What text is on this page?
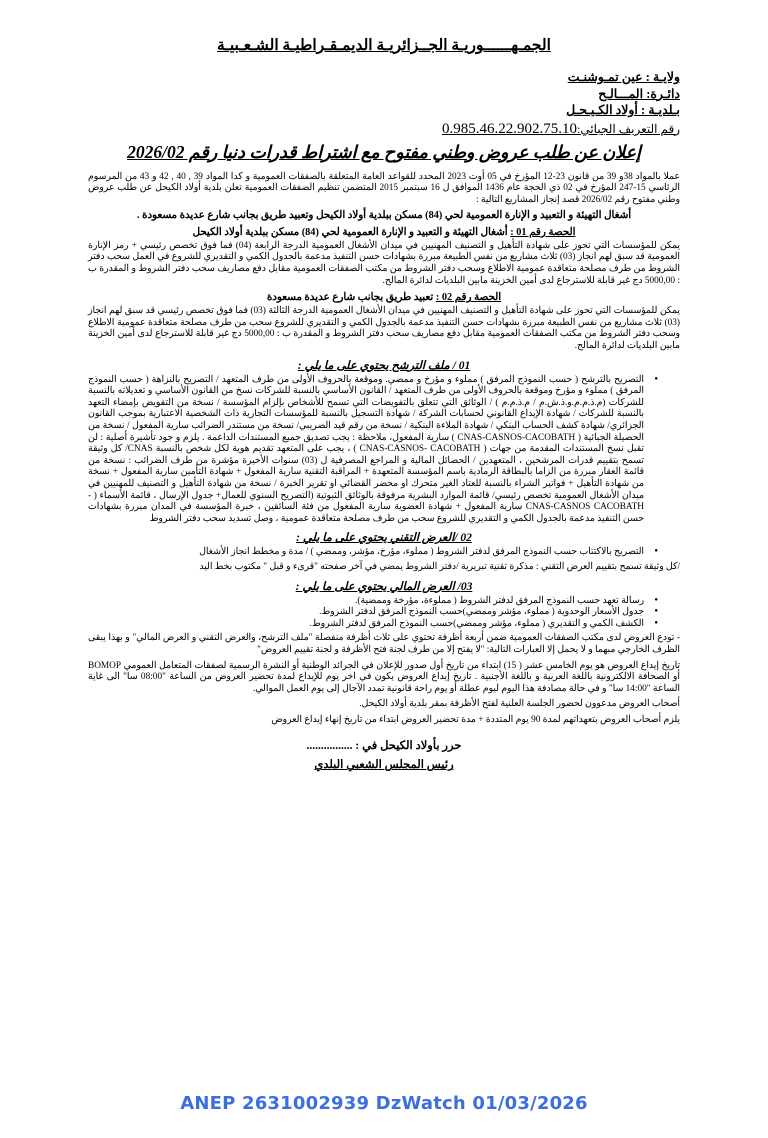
الجمـهــــــوريـة الجــزائريـة الديمـقـراطيـة الشـعـبيـة
ولايـة : عين تمـوشنـت
دائـرة: المـــالـح
بـلديـة : أولاد الكـيـحـل
رقم التعريف الجبائي:0.985.46.22.902.75.10
إعلان عن طلب عروض وطني مفتوح مع اشتراط قدرات دنيا رقم 2026/02

عملا بالمواد 38و 39 من قانون 23-12 المؤرخ في 05 أوت 2023 المحدد للقواعد العامة المتعلقة بالصفقات العمومية و كدا المواد 39 , 40 , 42 و 43 من المرسوم الرئاسي 15-247 المؤرخ في 02 ذي الحجة عام 1436 الموافق ل 16 سبتمبر 2015 المتضمن تنظيم الصفقات العمومية تعلن بلدية أولاد الكيحل عن طلب عروض وطني مفتوح رقم 2026/02 قصد إنجاز المشاريع التالية :

أشغال التهيئة و التعبيد و الإنارة العمومية لحي (84) مسكن ببلدية أولاد الكيحل وتعبيد طريق بجانب شارع عديدة مسعودة .

الحصة رقم 01 : أشغال التهيئة و التعبيد و الإنارة العمومية لحي (84) مسكن ببلدية أولاد الكيحل

يمكن للمؤسسات التي تحوز على شهادة التأهيل و التصنيف المهنيين في ميدان الأشغال العمومية الدرجة الرابعة (04) فما فوق تخصص رئيسي + رمز الإنارة العمومية قد سبق لهم انجاز (03) ثلاث مشاريع من نفس الطبيعة مبررة بشهادات حسن التنفيذ مدعمة بالجدول الكمي و التقديري للشروع في العمل سحب دفتر الشروط من طرف مصلحة متعاقدة عمومية الاطلاع وسحب دفتر الشروط من مكتب الصفقات العمومية مقابل دفع مصاريف سحب دفتر الشروط و المقدرة ب : 5000,00 دج غير قابلة للاسترجاع لدى أمين الخزينة مابين البلديات لدائرة المالح.

الحصة رقم 02 : تعبيد طريق بجانب شارع عديدة مسعودة

يمكن للمؤسسات التي تحوز على شهادة التأهيل و التصنيف المهنيين في ميدان الأشغال العمومية الدرجة الثالثة (03) فما فوق تخصص رئيسي قد سبق لهم انجاز (03) ثلاث مشاريع من نفس الطبيعة مبررة بشهادات حسن التنفيذ مدعمة بالجدول الكمي و التقديري للشروع سحب من طرف مصلحة متعاقدة عمومية الاطلاع وسحب دفتر الشروط من مكتب الصفقات العمومية مقابل دفع مصاريف سحب دفتر الشروط و المقدرة ب : 5000,00 دج غير قابلة للاسترجاع لدى أمين الخزينة مابين البلديات لدائرة المالح.

01 / ملف الترشح يحتوي على ما يلي :
● التصريح بالترشح ( حسب النموذج المرفق ) مملوء و مؤرخ و ممضي. وموقعة بالحروف الأولى من طرف المتعهد / التصريح بالنزاهة ( حسب النموذج المرفق ) مملوء و مؤرخ وموقعة بالحروف الأولى من طرف المتعهد / القانون الأساسي بالنسبة للشركات نسخ من القانون الأساسي و تعديلاته بالنسبة للشركات (م.ذ.م.م.و.ذ.ش.م / م.ذ.م.م ) / الوثائق التي تتعلق بالتفويضات التي تسمح للأشخاص بإلزام المؤسسة / نسخة من التفويض بإمضاء التعهد بالنسبة للشركات / شهادة الإيداع القانوني لحسابات الشركة / شهادة التسجيل بالنسبة للمؤسسات التجارية ذات الشخصية الاعتبارية بموجب القانون الجزائري/ شهادة كشف الحساب البنكي / شهادة الملاءة البنكية / نسخة من رقم قيد الضريبي/ نسخة من مستندر الضرائب سارية المفعول / نسخة من الحصيلة الجبائية ( CNAS-CASNOS-CACOBATH ) سارية المفعول، ملاحظة : يجب تصديق جميع المستندات الداعمة . يلزم و جود تأشيرة أصلية : لن تقبل نسخ المستندات المقدمة من جهات ( CNAS-CASNOS- CACOBATH ) ، يجب على المتعهد تقديم هوية لكل شخص بالنسبة CNAS/ كل وثيقة تسمح بتقييم قدرات المرشحين ، المتعهدين / الحصائل المالية و المراجع المصرفية ل (03) سنوات الأخيرة مؤشرة من طرف الضرائب : نسخة من قائمة العقار مبررة من الزاما بالبطاقة الرمادية باسم المؤسسة المتعهدة + المراقبة التقنية سارية المفعول + شهادة التأمين سارية المفعول + نسخة من شهادة التأهيل + فواتير الشراء بالنسبة للعتاد الغير متحرك او محضر القضائي او تقرير الخبرة / نسخة من شهادة التأهيل و التصنيف للمهنيين في ميدان الأشغال العمومية تخصص رئيسي/ قائمة الموارد البشرية مرفوقة بالوثائق الثبوتية (التصريح السنوي للعمال+ جدول الإرسال ، قائمة الأسماء ( -CNAS-CASNOS CACOBATH سارية المفعول + شهادة العضوية سارية المفعول من فئة السائقين ، خبرة المؤسسة في المدان مبررة بشهادات حسن التنفيذ مدعمة بالجدول الكمي و التقديري للشروع سحب من طرف مصلحة متعاقدة عمومية ، وصل تسديد سحب دفتر الشروط
02 /العرض التقني يحتوي على ما يلي :
● التصريح بالاكتتاب حسب النموذج المرفق لدفتر الشروط ( مملوء، مؤرخ، مؤشر، وممضي ) / مدة و مخطط انجاز الأشغال

/كل وثيقة تسمح بتقييم العرض التقني : مذكرة تقنية تبريرية /دفتر الشروط يمضي في آخر صفحته "قرىء و قبل " مكتوب بخط اليد

03/ العرض المالي يحتوي على ما يلي :
● رسالة تعهد حسب النموذج المرفق لدفتر الشروط ( مملوءة، مؤرخة وممضية).
● جدول الأسعار الوحدوية ( مملوء، مؤشر وممضي)حسب النموذج المرفق لدفتر الشروط.
● الكشف الكمي و التقديري ( مملوء، مؤشر وممضي)حسب النموذج المرفق لدفتر الشروط.

- تودع العروض لدى مكتب الصفقات العمومية ضمن أربعة أظرفة تحتوي على ثلاث أظرفة منفصلة "ملف الترشح، والعرض التقني و العرض المالي" و بهذا يبقى الظرف الخارجي مبهما و لا يحمل إلا العبارات التالية: "لا يفتح إلا من طرف لجنة فتح الأظرفة و لجنة تقييم العروض"

تاريخ إيداع العروض هو يوم الخامس عشر ( 15) ابتداء من تاريخ أول صدور للإعلان في الجرائد الوطنية أو النشرة الرسمية لصفقات المتعامل العمومي BOMOP أو الصحافة الالكترونية باللغة العربية و باللغة الأجنبية . تاريخ إيداع العروض يكون في اخر يوم للإيداع لمدة تحضير العروض من الساعة "08:00 سا" الى غاية الساعة "14:00 سا" و في حالة مصادفة هذا اليوم ليوم عطلة أو يوم راحة قانونية تمدد الآجال إلى يوم العمل الموالي.

أصحاب العروض مدعوون لحضور الجلسة العلنية لفتح الأظرفة بمقر بلدية أولاد الكيحل.

يلزم أصحاب العروض بتعهداتهم لمدة 90 يوم المتددة + مدة تحضير العروض ابتداء من تاريخ إنهاء إيداع العروض

حرر بأولاد الكيحل في : ................
رئيس المجلس الشعبي البلدي
ANEP 2631002939 DzWatch 01/03/2026
